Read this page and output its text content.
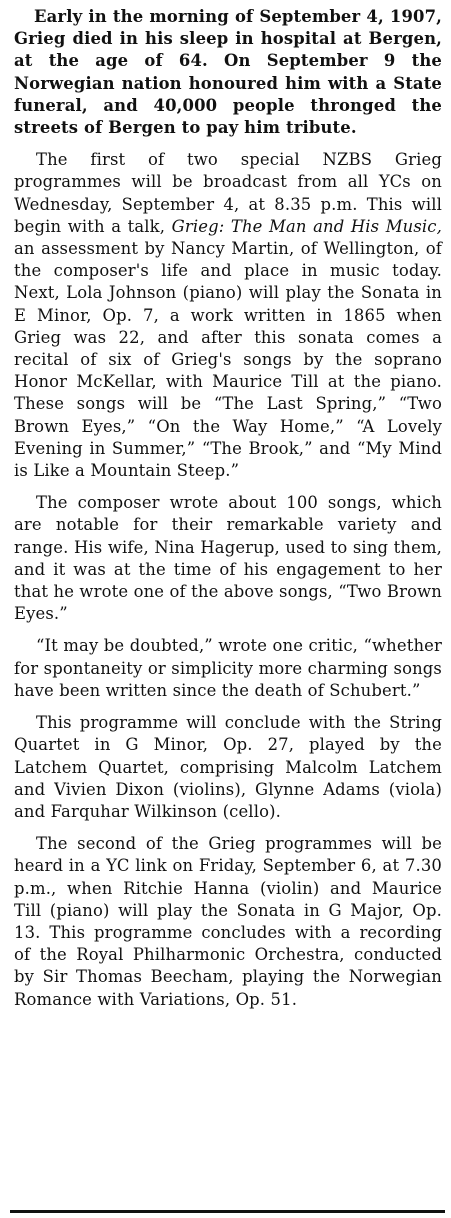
Early in the morning of September 4, 1907, Grieg died in his sleep in hospital at Bergen, at the age of 64. On September 9 the Norwegian nation honoured him with a State funeral, and 40,000 people thronged the streets of Bergen to pay him tribute.

The first of two special NZBS Grieg programmes will be broadcast from all YCs on Wednesday, September 4, at 8.35 p.m. This will begin with a talk, Grieg: The Man and His Music, an assessment by Nancy Martin, of Wellington, of the composer's life and place in music today. Next, Lola Johnson (piano) will play the Sonata in E Minor, Op. 7, a work written in 1865 when Grieg was 22, and after this sonata comes a recital of six of Grieg's songs by the soprano Honor McKellar, with Maurice Till at the piano. These songs will be “The Last Spring,” “Two Brown Eyes,” “On the Way Home,” “A Lovely Evening in Summer,” “The Brook,” and “My Mind is Like a Mountain Steep.”

The composer wrote about 100 songs, which are notable for their remarkable variety and range. His wife, Nina Hagerup, used to sing them, and it was at the time of his engagement to her that he wrote one of the above songs, “Two Brown Eyes.”

“It may be doubted,” wrote one critic, “whether for spontaneity or simplicity more charming songs have been written since the death of Schubert.”

This programme will conclude with the String Quartet in G Minor, Op. 27, played by the Latchem Quartet, comprising Malcolm Latchem and Vivien Dixon (violins), Glynne Adams (viola) and Farquhar Wilkinson (cello).

The second of the Grieg programmes will be heard in a YC link on Friday, September 6, at 7.30 p.m., when Ritchie Hanna (violin) and Maurice Till (piano) will play the Sonata in G Major, Op. 13. This programme concludes with a recording of the Royal Philharmonic Orchestra, conducted by Sir Thomas Beecham, playing the Norwegian Romance with Variations, Op. 51.
